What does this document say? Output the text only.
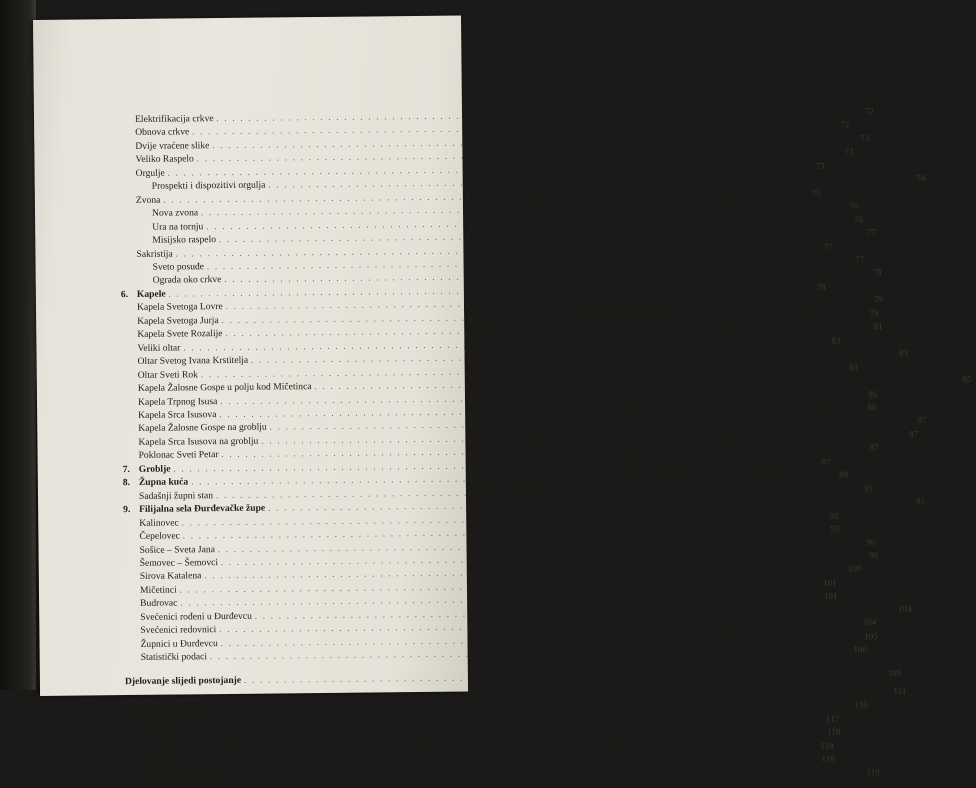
Elektrifikacija crkve
. . .
72
Obnova crkve
. . .
72
Dvije vraćene slike
. . .
73
Veliko Raspelo
. . .
73
Orgulje
. . .
73
Prospekti i dispozitivi orgulja
. . .
74
Zvona
. . .
75
Nova zvona
. . .
76
Ura na tornju
. . .
76
Misijsko raspelo
. . .
77
Sakristija
. . .
77
Sveto posuđe
. . .
77
Ograda oko crkve
. . .
78
6. Kapele
. . .
78
Kapela Svetoga Lovre
. . .
79
Kapela Svetoga Jurja
. . .
79
Kapela Svete Rozalije
. . .
81
Veliki oltar
. . .
83
Oltar Svetog Ivana Krstitelja
. . .
83
Oltar Sveti Rok
. . .
83
Kapela Žalosne Gospe u polju kod Mičetinca
. . .
85
Kapela Trpnog Isusa
. . .
86
Kapela Srca Isusova
. . .
86
Kapela Žalosne Gospe na groblju
. . .
87
Kapela Srca Isusova na groblju
. . .
87
Poklonac Sveti Petar
. . .
87
7. Groblje
. . .
87
8. Župna kuća
. . .
89
Sadašnji župni stan
. . .
91
9. Filijalna sela Đurđevačke župe
. . .
91
Kalinovec
. . .
92
Čepelovec
. . .
95
Sošice – Sveta Jana
. . .
96
Šemovec – Šemovci
. . .
98
Sirova Katalena
. . .
100
Mičetinci
. . .
101
Budrovac
. . .
101
Svećenici rođeni u Đurđevcu
. . .
104
Svećenici redovnici
. . .
104
Župnici u Đurđevcu
. . .
105
Statistički podaci
. . .
106
Djelovanje slijedi postojanje
. . .
109
Najprije biti, a onda djelovati
. . .
111
Materijalna kultura
. . .
116
Zanatstvo
. . .
117
Svilarstvo
. . .
118
Sajmovi
. . .
118
Rasvjeta
. . .
119
Jedan vrijedan zapis
. . .
119
